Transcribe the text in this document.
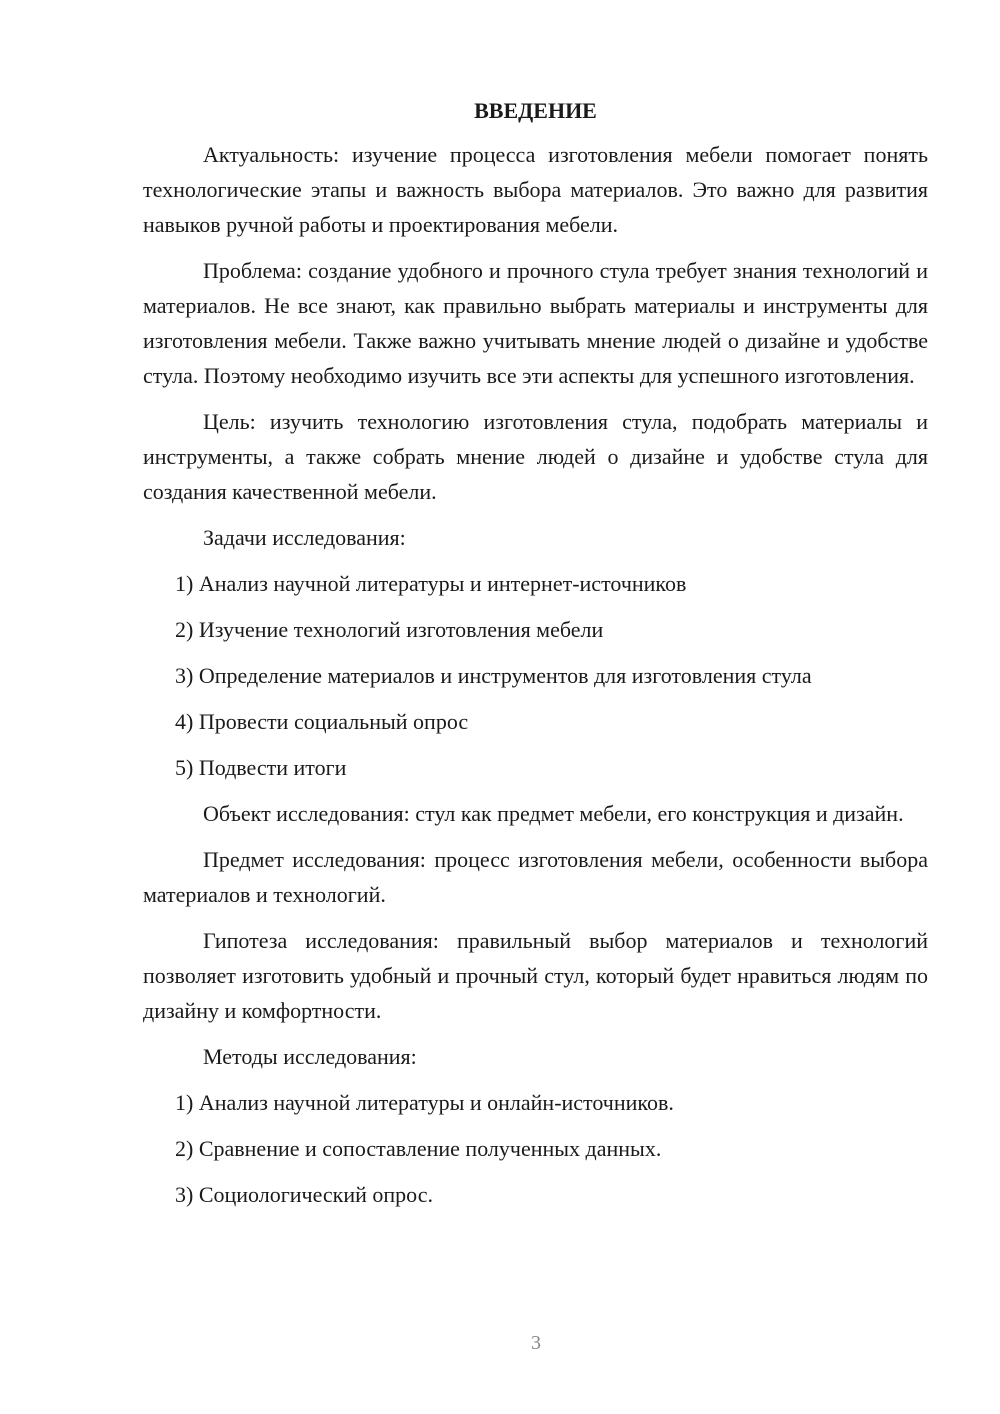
ВВЕДЕНИЕ

Актуальность: изучение процесса изготовления мебели помогает понять технологические этапы и важность выбора материалов. Это важно для развития навыков ручной работы и проектирования мебели.

Проблема: создание удобного и прочного стула требует знания технологий и материалов. Не все знают, как правильно выбрать материалы и инструменты для изготовления мебели. Также важно учитывать мнение людей о дизайне и удобстве стула. Поэтому необходимо изучить все эти аспекты для успешного изготовления.

Цель: изучить технологию изготовления стула, подобрать материалы и инструменты, а также собрать мнение людей о дизайне и удобстве стула для создания качественной мебели.

Задачи исследования:

1) Анализ научной литературы и интернет-источников

2) Изучение технологий изготовления мебели

3) Определение материалов и инструментов для изготовления стула

4) Провести социальный опрос

5) Подвести итоги

Объект исследования: стул как предмет мебели, его конструкция и дизайн.

Предмет исследования: процесс изготовления мебели, особенности выбора материалов и технологий.

Гипотеза исследования: правильный выбор материалов и технологий позволяет изготовить удобный и прочный стул, который будет нравиться людям по дизайну и комфортности.

Методы исследования:

1) Анализ научной литературы и онлайн-источников.

2) Сравнение и сопоставление полученных данных.

3) Социологический опрос.

3
